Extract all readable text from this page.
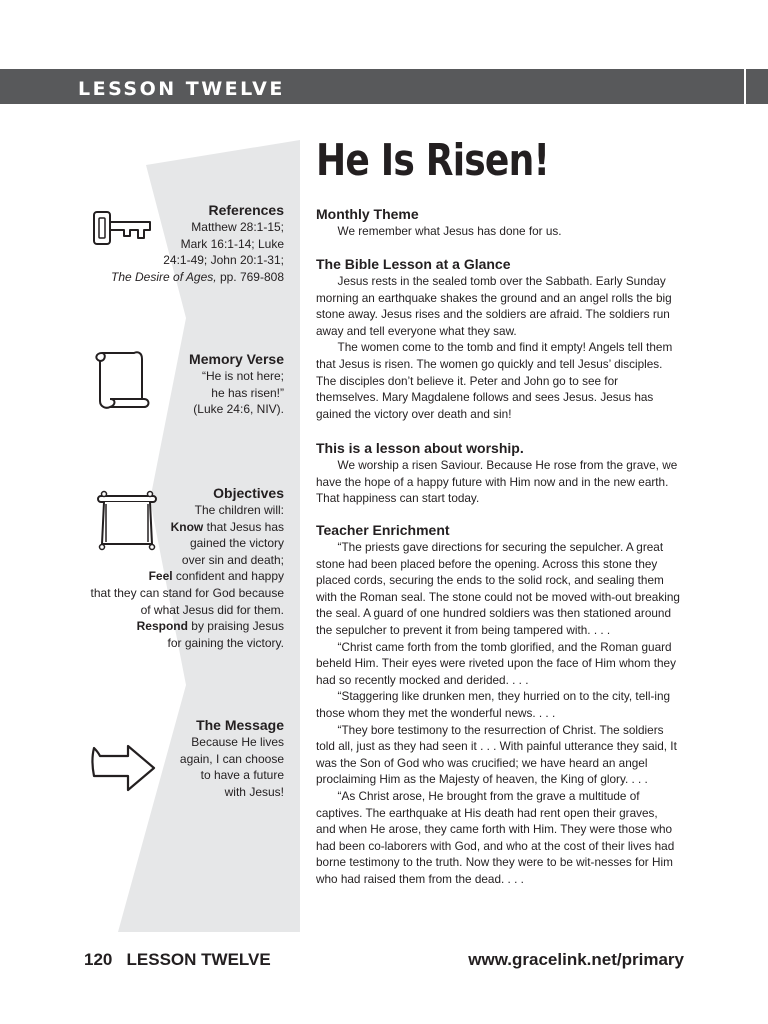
LESSON TWELVE
He Is Risen!
References
Matthew 28:1-15;
Mark 16:1-14; Luke
24:1-49; John 20:1-31;
The Desire of Ages, pp. 769-808
Memory Verse
“He is not here;
he has risen!”
(Luke 24:6, NIV).
Objectives
The children will:
Know that Jesus has
gained the victory
over sin and death;
Feel confident and happy
that they can stand for God because
of what Jesus did for them.
Respond by praising Jesus
for gaining the victory.
The Message
Because He lives
again, I can choose
to have a future
with Jesus!
Monthly Theme

We remember what Jesus has done for us.

The Bible Lesson at a Glance

Jesus rests in the sealed tomb over the Sabbath. Early Sunday morning an earthquake shakes the ground and an angel rolls the big stone away. Jesus rises and the soldiers are afraid. The soldiers run away and tell everyone what they saw.

The women come to the tomb and find it empty! Angels tell them that Jesus is risen. The women go quickly and tell Jesus’ disciples. The disciples don’t believe it. Peter and John go to see for themselves. Mary Magdalene follows and sees Jesus. Jesus has gained the victory over death and sin!

This is a lesson about worship.

We worship a risen Saviour. Because He rose from the grave, we have the hope of a happy future with Him now and in the new earth. That happiness can start today.

Teacher Enrichment

“The priests gave directions for securing the sepulcher. A great stone had been placed before the opening. Across this stone they placed cords, securing the ends to the solid rock, and sealing them with the Roman seal. The stone could not be moved with-out breaking the seal. A guard of one hundred soldiers was then stationed around the sepulcher to prevent it from being tampered with. . . .

“Christ came forth from the tomb glorified, and the Roman guard beheld Him. Their eyes were riveted upon the face of Him whom they had so recently mocked and derided. . . .

“Staggering like drunken men, they hurried on to the city, tell-ing those whom they met the wonderful news. . . .

“They bore testimony to the resurrection of Christ. The soldiers told all, just as they had seen it . . . With painful utterance they said, It was the Son of God who was crucified; we have heard an angel proclaiming Him as the Majesty of heaven, the King of glory. . . .

“As Christ arose, He brought from the grave a multitude of captives. The earthquake at His death had rent open their graves, and when He arose, they came forth with Him. They were those who had been co-laborers with God, and who at the cost of their lives had borne testimony to the truth. Now they were to be wit-nesses for Him who had raised them from the dead. . . .

120   LESSON TWELVE	www.gracelink.net/primary
